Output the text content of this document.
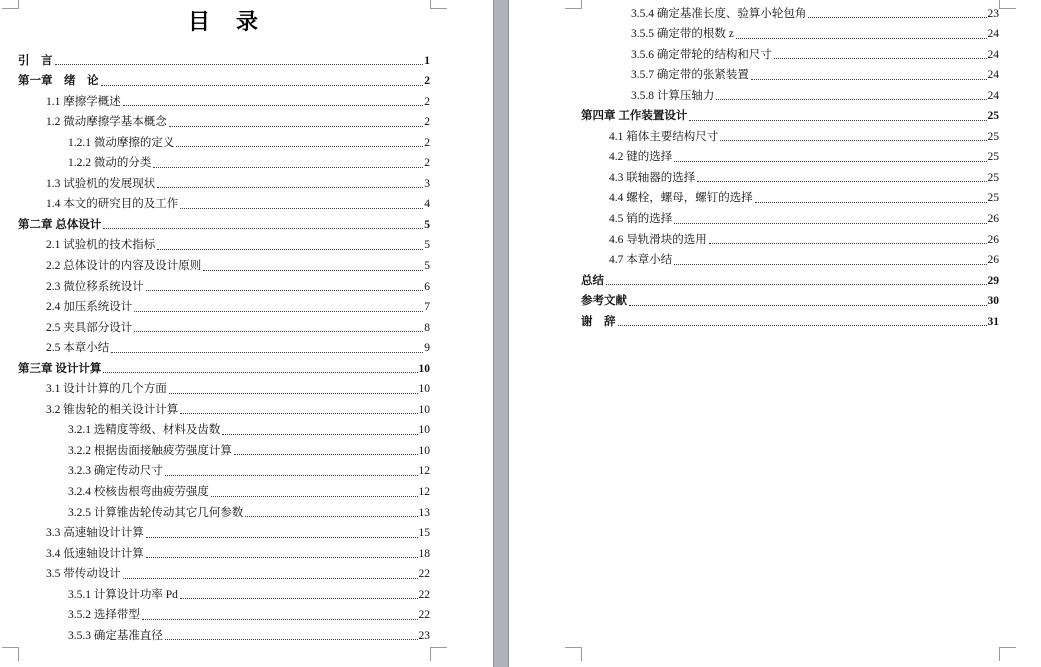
目　录
引　言	1
第一章　绪　论	2
1.1 摩擦学概述	2
1.2 微动摩擦学基本概念	2
1.2.1 微动摩擦的定义	2
1.2.2 微动的分类	2
1.3 试验机的发展现状	3
1.4 本文的研究目的及工作	4
第二章 总体设计	5
2.1 试验机的技术指标	5
2.2 总体设计的内容及设计原则	5
2.3 微位移系统设计	6
2.4 加压系统设计	7
2.5 夹具部分设计	8
2.5 本章小结	9
第三章 设计计算	10
3.1 设计计算的几个方面	10
3.2 锥齿轮的相关设计计算	10
3.2.1 选精度等级、材料及齿数	10
3.2.2 根据齿面接触疲劳强度计算	10
3.2.3 确定传动尺寸	12
3.2.4 校核齿根弯曲疲劳强度	12
3.2.5 计算锥齿轮传动其它几何参数	13
3.3 高速轴设计计算	15
3.4 低速轴设计计算	18
3.5 带传动设计	22
3.5.1 计算设计功率 Pd	22
3.5.2 选择带型	22
3.5.3 确定基准直径	23
3.5.4 确定基准长度、验算小轮包角	23
3.5.5 确定带的根数 z	24
3.5.6 确定带轮的结构和尺寸	24
3.5.7 确定带的张紧装置	24
3.5.8 计算压轴力	24
第四章 工作装置设计	25
4.1 箱体主要结构尺寸	25
4.2 键的选择	25
4.3 联轴器的选择	25
4.4 螺栓，螺母，螺钉的选择	25
4.5 销的选择	26
4.6 导轨滑块的选用	26
4.7 本章小结	26
总结	29
参考文献	30
谢　辞	31
